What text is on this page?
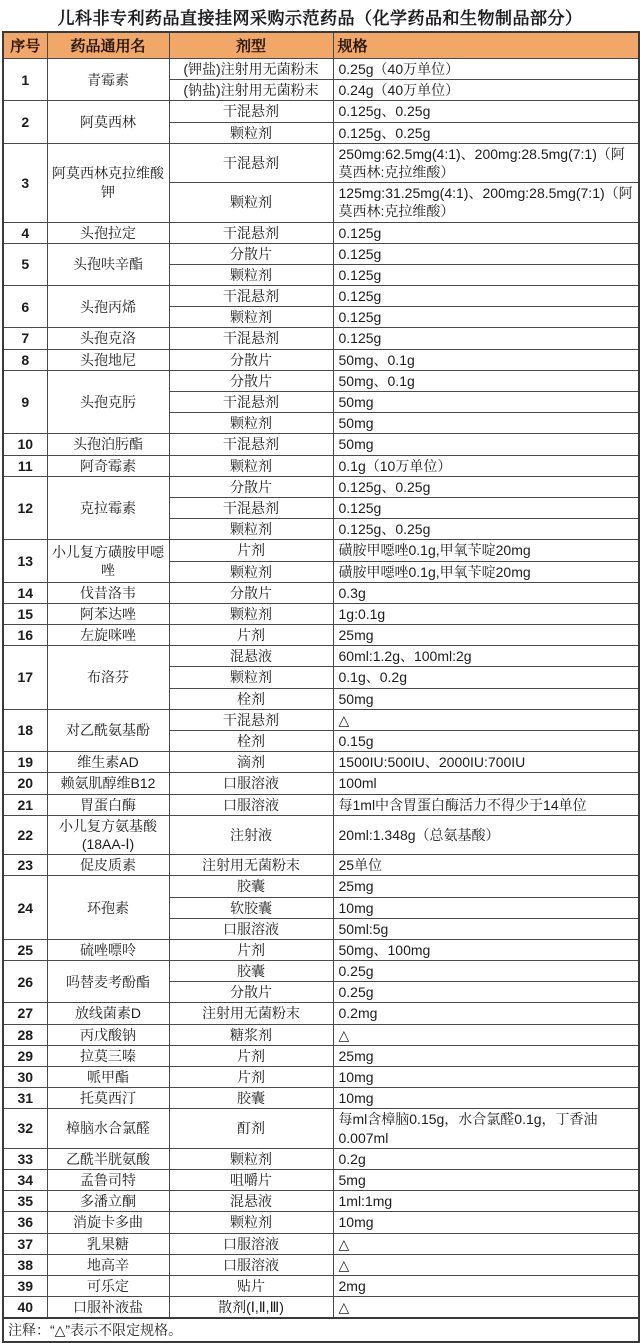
儿科非专利药品直接挂网采购示范药品（化学药品和生物制品部分）
序号	药品通用名	剂型	规格
1	青霉素	(钾盐)注射用无菌粉末	0.25g（40万单位）
		(钠盐)注射用无菌粉末	0.24g（40万单位）
2	阿莫西林	干混悬剂	0.125g、0.25g
		颗粒剂	0.125g、0.25g
3	阿莫西林克拉维酸钾	干混悬剂	250mg:62.5mg(4:1)、200mg:28.5mg(7:1)（阿莫西林:克拉维酸）
		颗粒剂	125mg:31.25mg(4:1)、200mg:28.5mg(7:1)（阿莫西林:克拉维酸）
4	头孢拉定	干混悬剂	0.125g
5	头孢呋辛酯	分散片	0.125g
		颗粒剂	0.125g
6	头孢丙烯	干混悬剂	0.125g
		颗粒剂	0.125g
7	头孢克洛	干混悬剂	0.125g
8	头孢地尼	分散片	50mg、0.1g
9	头孢克肟	分散片	50mg、0.1g
		干混悬剂	50mg
		颗粒剂	50mg
10	头孢泊肟酯	干混悬剂	50mg
11	阿奇霉素	颗粒剂	0.1g（10万单位）
12	克拉霉素	分散片	0.125g、0.25g
		干混悬剂	0.125g
		颗粒剂	0.125g、0.25g
13	小儿复方磺胺甲噁唑	片剂	磺胺甲噁唑0.1g,甲氧苄啶20mg
		颗粒剂	磺胺甲噁唑0.1g,甲氧苄啶20mg
14	伐昔洛韦	分散片	0.3g
15	阿苯达唑	颗粒剂	1g:0.1g
16	左旋咪唑	片剂	25mg
17	布洛芬	混悬液	60ml:1.2g、100ml:2g
		颗粒剂	0.1g、0.2g
		栓剂	50mg
18	对乙酰氨基酚	干混悬剂	△
		栓剂	0.15g
19	维生素AD	滴剂	1500IU:500IU、2000IU:700IU
20	赖氨肌醇维B12	口服溶液	100ml
21	胃蛋白酶	口服溶液	每1ml中含胃蛋白酶活力不得少于14单位
22	小儿复方氨基酸(18AA-Ⅰ)	注射液	20ml:1.348g（总氨基酸）
23	促皮质素	注射用无菌粉末	25单位
24	环孢素	胶囊	25mg
		软胶囊	10mg
		口服溶液	50ml:5g
25	硫唑嘌呤	片剂	50mg、100mg
26	吗替麦考酚酯	胶囊	0.25g
		分散片	0.25g
27	放线菌素D	注射用无菌粉末	0.2mg
28	丙戊酸钠	糖浆剂	△
29	拉莫三嗪	片剂	25mg
30	哌甲酯	片剂	10mg
31	托莫西汀	胶囊	10mg
32	樟脑水合氯醛	酊剂	每ml含樟脑0.15g，水合氯醛0.1g，丁香油0.007ml
33	乙酰半胱氨酸	颗粒剂	0.2g
34	孟鲁司特	咀嚼片	5mg
35	多潘立酮	混悬液	1ml:1mg
36	消旋卡多曲	颗粒剂	10mg
37	乳果糖	口服溶液	△
38	地高辛	口服溶液	△
39	可乐定	贴片	2mg
40	口服补液盐	散剂(Ⅰ,Ⅱ,Ⅲ)	△
注释：“△”表示不限定规格。			
